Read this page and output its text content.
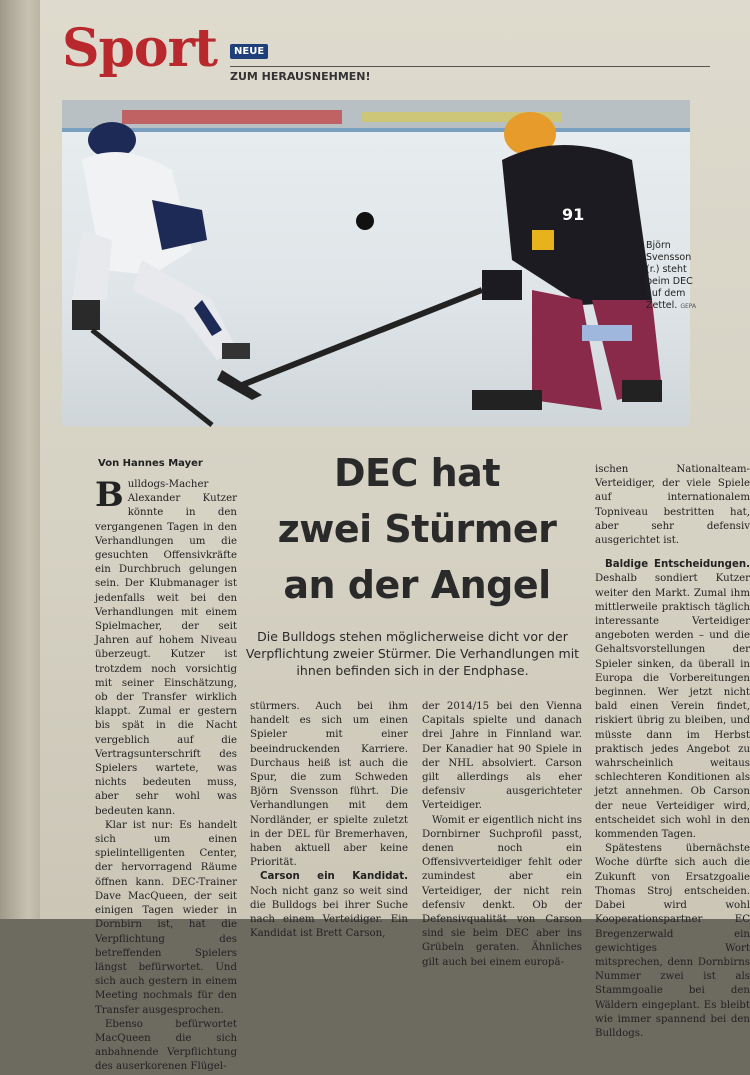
Sport	NEUE
ZUM HERAUSNEHMEN!
91
Björn Svensson (r.) steht beim DEC auf dem Zettel. GEPA
Von Hannes Mayer	DEC hat
zwei Stürmer
an der Angel
Die Bulldogs stehen möglicherweise dicht vor der Verpflichtung zweier Stürmer. Die Verhandlungen mit ihnen befinden sich in der Endphase.

Bulldogs-Macher Alexander Kutzer könnte in den vergangenen Tagen in den Verhandlungen um die gesuchten Offensivkräfte ein Durchbruch gelungen sein. Der Klubmanager ist jedenfalls weit bei den Verhandlungen mit einem Spielmacher, der seit Jahren auf hohem Niveau überzeugt. Kutzer ist trotzdem noch vorsichtig mit seiner Einschätzung, ob der Transfer wirklich klappt. Zumal er gestern bis spät in die Nacht vergeblich auf die Vertragsunterschrift des Spielers wartete, was nichts bedeuten muss, aber sehr wohl was bedeuten kann.

Klar ist nur: Es handelt sich um einen spielintelligenten Center, der hervorragend Räume öffnen kann. DEC-Trainer Dave MacQueen, der seit einigen Tagen wieder in Dornbirn ist, hat die Verpflichtung des betreffenden Spielers längst befürwortet. Und sich auch gestern in einem Meeting nochmals für den Transfer ausgesprochen.

Ebenso befürwortet MacQueen die sich anbahnende Verpflichtung des auserkorenen Flügel-

stürmers. Auch bei ihm handelt es sich um einen Spieler mit einer beeindruckenden Karriere. Durchaus heiß ist auch die Spur, die zum Schweden Björn Svensson führt. Die Verhandlungen mit dem Nordländer, er spielte zuletzt in der DEL für Bremerhaven, haben aktuell aber keine Priorität.

Carson ein Kandidat. Noch nicht ganz so weit sind die Bulldogs bei ihrer Suche nach einem Verteidiger. Ein Kandidat ist Brett Carson,

der 2014/15 bei den Vienna Capitals spielte und danach drei Jahre in Finnland war. Der Kanadier hat 90 Spiele in der NHL absolviert. Carson gilt allerdings als eher defensiv ausgerichteter Verteidiger.

Womit er eigentlich nicht ins Dornbirner Suchprofil passt, denen noch ein Offensivverteidiger fehlt oder zumindest aber ein Verteidiger, der nicht rein defensiv denkt. Ob der Defensivqualität von Carson sind sie beim DEC aber ins Grübeln geraten. Ähnliches gilt auch bei einem europä-

ischen Nationalteam-Verteidiger, der viele Spiele auf internationalem Topniveau bestritten hat, aber sehr defensiv ausgerichtet ist.

Baldige Entscheidungen. Deshalb sondiert Kutzer weiter den Markt. Zumal ihm mittlerweile praktisch täglich interessante Verteidiger angeboten werden – und die Gehaltsvorstellungen der Spieler sinken, da überall in Europa die Vorbereitungen beginnen. Wer jetzt nicht bald einen Verein findet, riskiert übrig zu bleiben, und müsste dann im Herbst praktisch jedes Angebot zu wahrscheinlich weitaus schlechteren Konditionen als jetzt annehmen. Ob Carson der neue Verteidiger wird, entscheidet sich wohl in den kommenden Tagen.

Spätestens übernächste Woche dürfte sich auch die Zukunft von Ersatzgoalie Thomas Stroj entscheiden. Dabei wird wohl Kooperationspartner EC Bregenzerwald ein gewichtiges Wort mitsprechen, denn Dornbirns Nummer zwei ist als Stammgoalie bei den Wäldern eingeplant. Es bleibt wie immer spannend bei den Bulldogs.
